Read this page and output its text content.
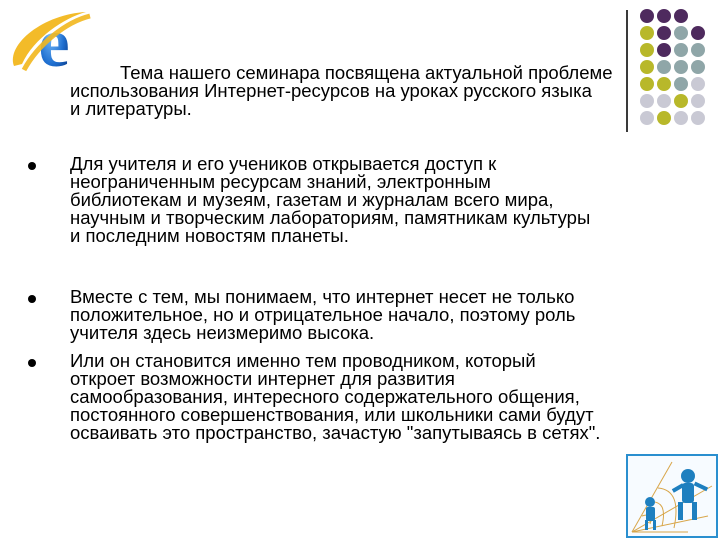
e	Тема нашего семинара посвящена актуальной проблеме
использования Интернет-ресурсов на уроках русского языка
и литературы.
Для учителя и его учеников открывается доступ к
неограниченным ресурсам знаний, электронным
библиотекам и музеям, газетам и журналам всего мира,
научным и творческим лабораториям, памятникам культуры
и последним новостям планеты.
Вместе с тем, мы понимаем, что интернет несет не только
положительное, но и отрицательное начало, поэтому роль
учителя здесь неизмеримо высока.
Или он становится именно тем проводником, который
откроет возможности интернет для развития
самообразования, интересного содержательного общения,
постоянного совершенствования, или школьники сами будут
осваивать это пространство, зачастую "запутываясь в сетях".
